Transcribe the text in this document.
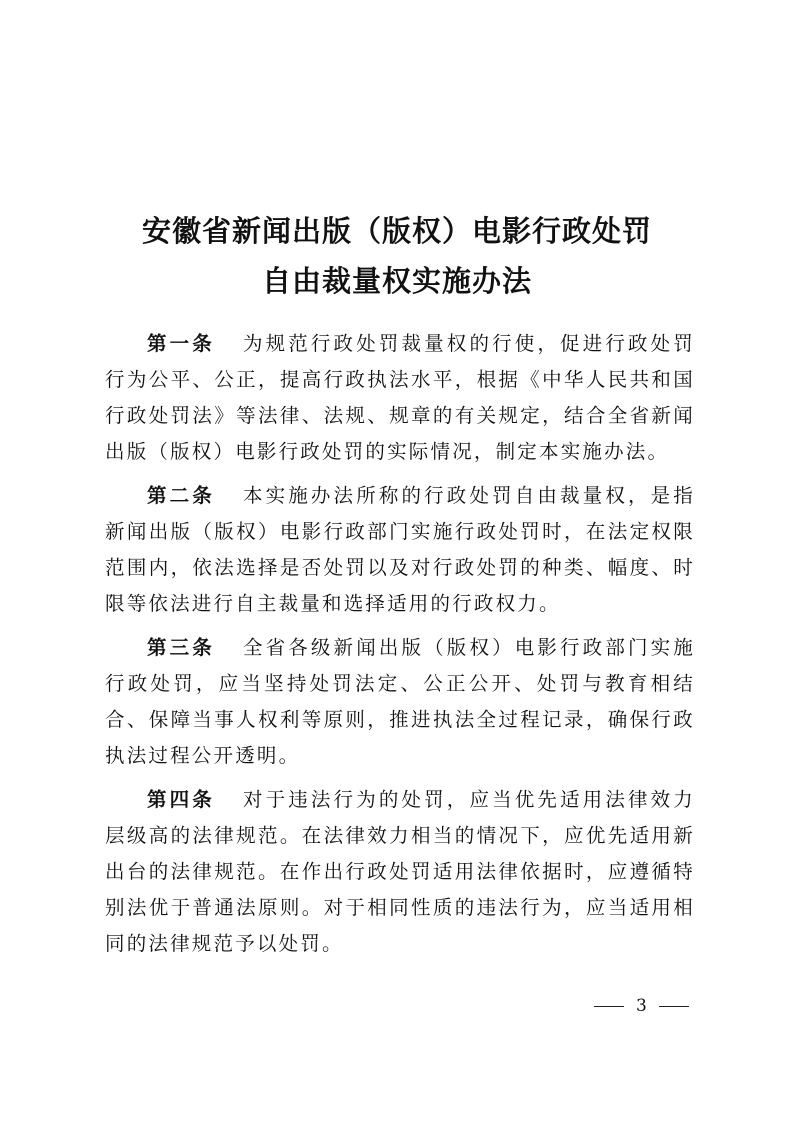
安徽省新闻出版（版权）电影行政处罚
自由裁量权实施办法

第一条 为规范行政处罚裁量权的行使，促进行政处罚行为公平、公正，提高行政执法水平，根据《中华人民共和国行政处罚法》等法律、法规、规章的有关规定，结合全省新闻出版（版权）电影行政处罚的实际情况，制定本实施办法。

第二条 本实施办法所称的行政处罚自由裁量权，是指新闻出版（版权）电影行政部门实施行政处罚时，在法定权限范围内，依法选择是否处罚以及对行政处罚的种类、幅度、时限等依法进行自主裁量和选择适用的行政权力。

第三条 全省各级新闻出版（版权）电影行政部门实施行政处罚，应当坚持处罚法定、公正公开、处罚与教育相结合、保障当事人权利等原则，推进执法全过程记录，确保行政执法过程公开透明。

第四条 对于违法行为的处罚，应当优先适用法律效力层级高的法律规范。在法律效力相当的情况下，应优先适用新出台的法律规范。在作出行政处罚适用法律依据时，应遵循特别法优于普通法原则。对于相同性质的违法行为，应当适用相同的法律规范予以处罚。

3
